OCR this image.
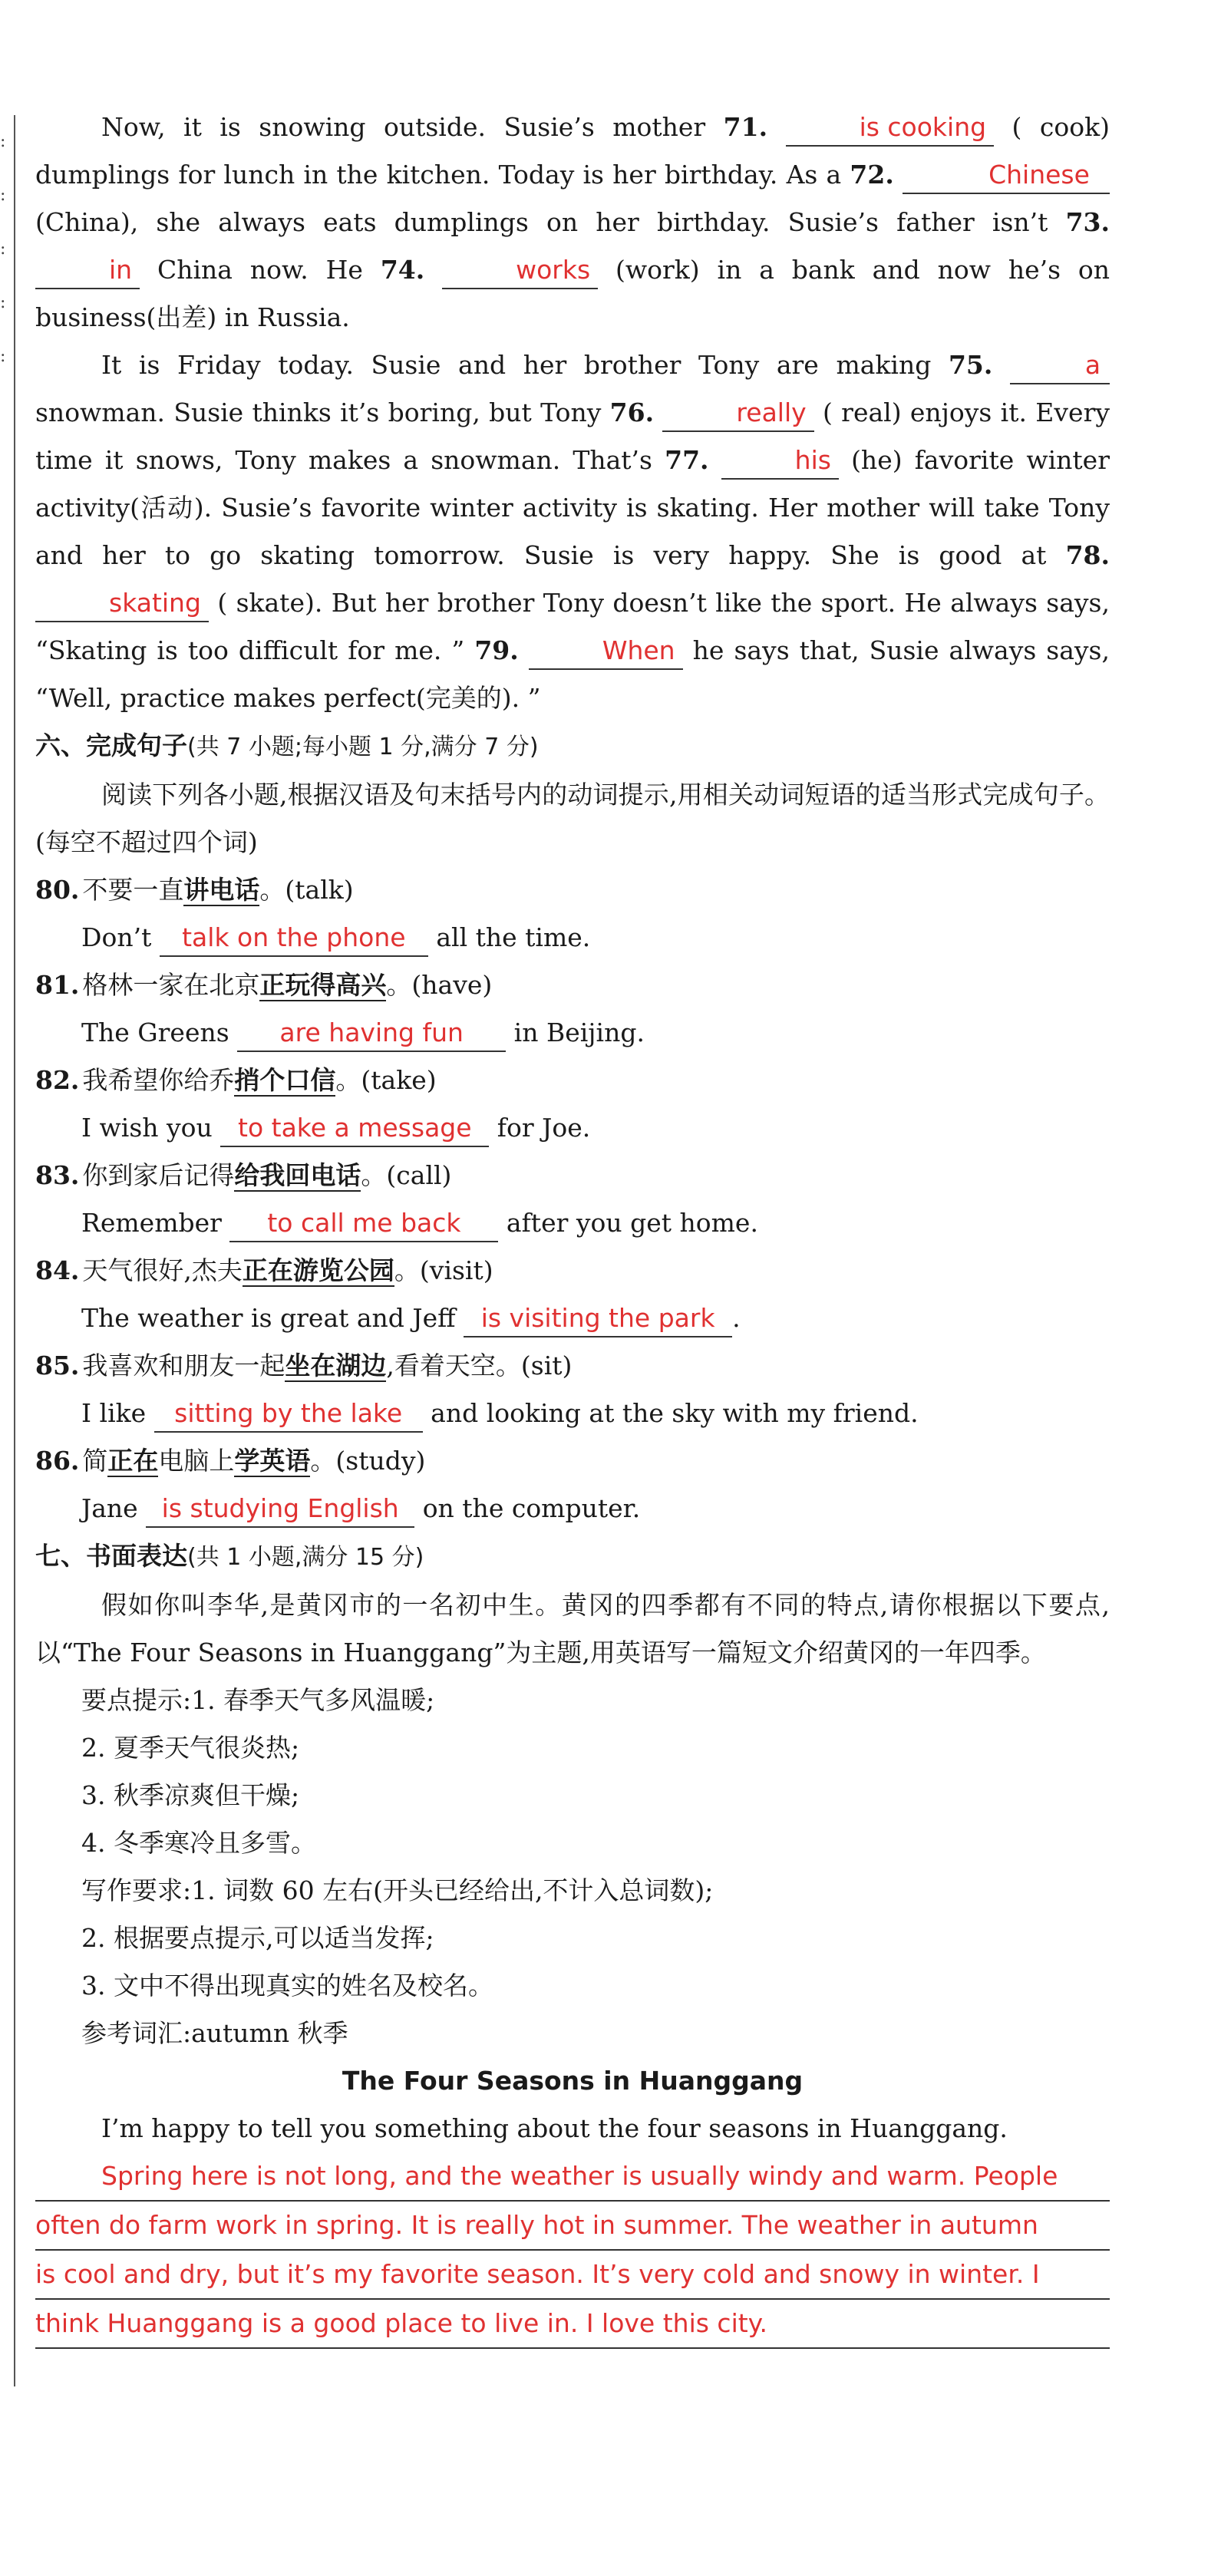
:
:
:
:
:

Now, it is snowing outside. Susie’s mother 71.	is cooking ( cook) dumplings for lunch in the kitchen. Today is her birthday. As a 72.	Chinese (China), she always eats dumplings on her birthday. Susie’s father isn’t 73. in China now. He 74.	works (work) in a bank and now he’s on business(出差) in Russia.

It is Friday today. Susie and her brother Tony are making 75.	a snowman. Susie thinks it’s boring, but Tony 76.	really ( real) enjoys it. Every time it snows, Tony makes a snowman. That’s 77.	his (he) favorite winter activity(活动). Susie’s favorite winter activity is skating. Her mother will take Tony and her to go skating tomorrow. Susie is very happy. She is good at 78. skating ( skate). But her brother Tony doesn’t like the sport. He always says, “Skating is too difficult for me. ” 79.	When he says that, Susie always says, “Well, practice makes perfect(完美的). ”

六、完成句子(共 7 小题;每小题 1 分,满分 7 分)

阅读下列各小题,根据汉语及句末括号内的动词提示,用相关动词短语的适当形式完成句子。(每空不超过四个词)

80. 不要一直讲电话。(talk)

Don’t talk on the phone all the time.

81. 格林一家在北京正玩得高兴。(have)

The Greens are having fun in Beijing.

82. 我希望你给乔捎个口信。(take)

I wish you to take a message for Joe.

83. 你到家后记得给我回电话。(call)

Remember to call me back after you get home.

84. 天气很好,杰夫正在游览公园。(visit)

The weather is great and Jeff is visiting the park .

85. 我喜欢和朋友一起坐在湖边,看着天空。(sit)

I like sitting by the lake and looking at the sky with my friend.

86. 简正在电脑上学英语。(study)

Jane is studying English on the computer.

七、书面表达(共 1 小题,满分 15 分)

假如你叫李华,是黄冈市的一名初中生。黄冈的四季都有不同的特点,请你根据以下要点,以“The Four Seasons in Huanggang”为主题,用英语写一篇短文介绍黄冈的一年四季。

要点提示:1. 春季天气多风温暖;

2. 夏季天气很炎热;

3. 秋季凉爽但干燥;

4. 冬季寒冷且多雪。

写作要求:1. 词数 60 左右(开头已经给出,不计入总词数);

2. 根据要点提示,可以适当发挥;

3. 文中不得出现真实的姓名及校名。

参考词汇:autumn 秋季

The Four Seasons in Huanggang

I’m happy to tell you something about the four seasons in Huanggang.

Spring here is not long, and the weather is usually windy and warm. People
often do farm work in spring. It is really hot in summer. The weather in autumn
is cool and dry, but it’s my favorite season. It’s very cold and snowy in winter. I
think Huanggang is a good place to live in. I love this city.
